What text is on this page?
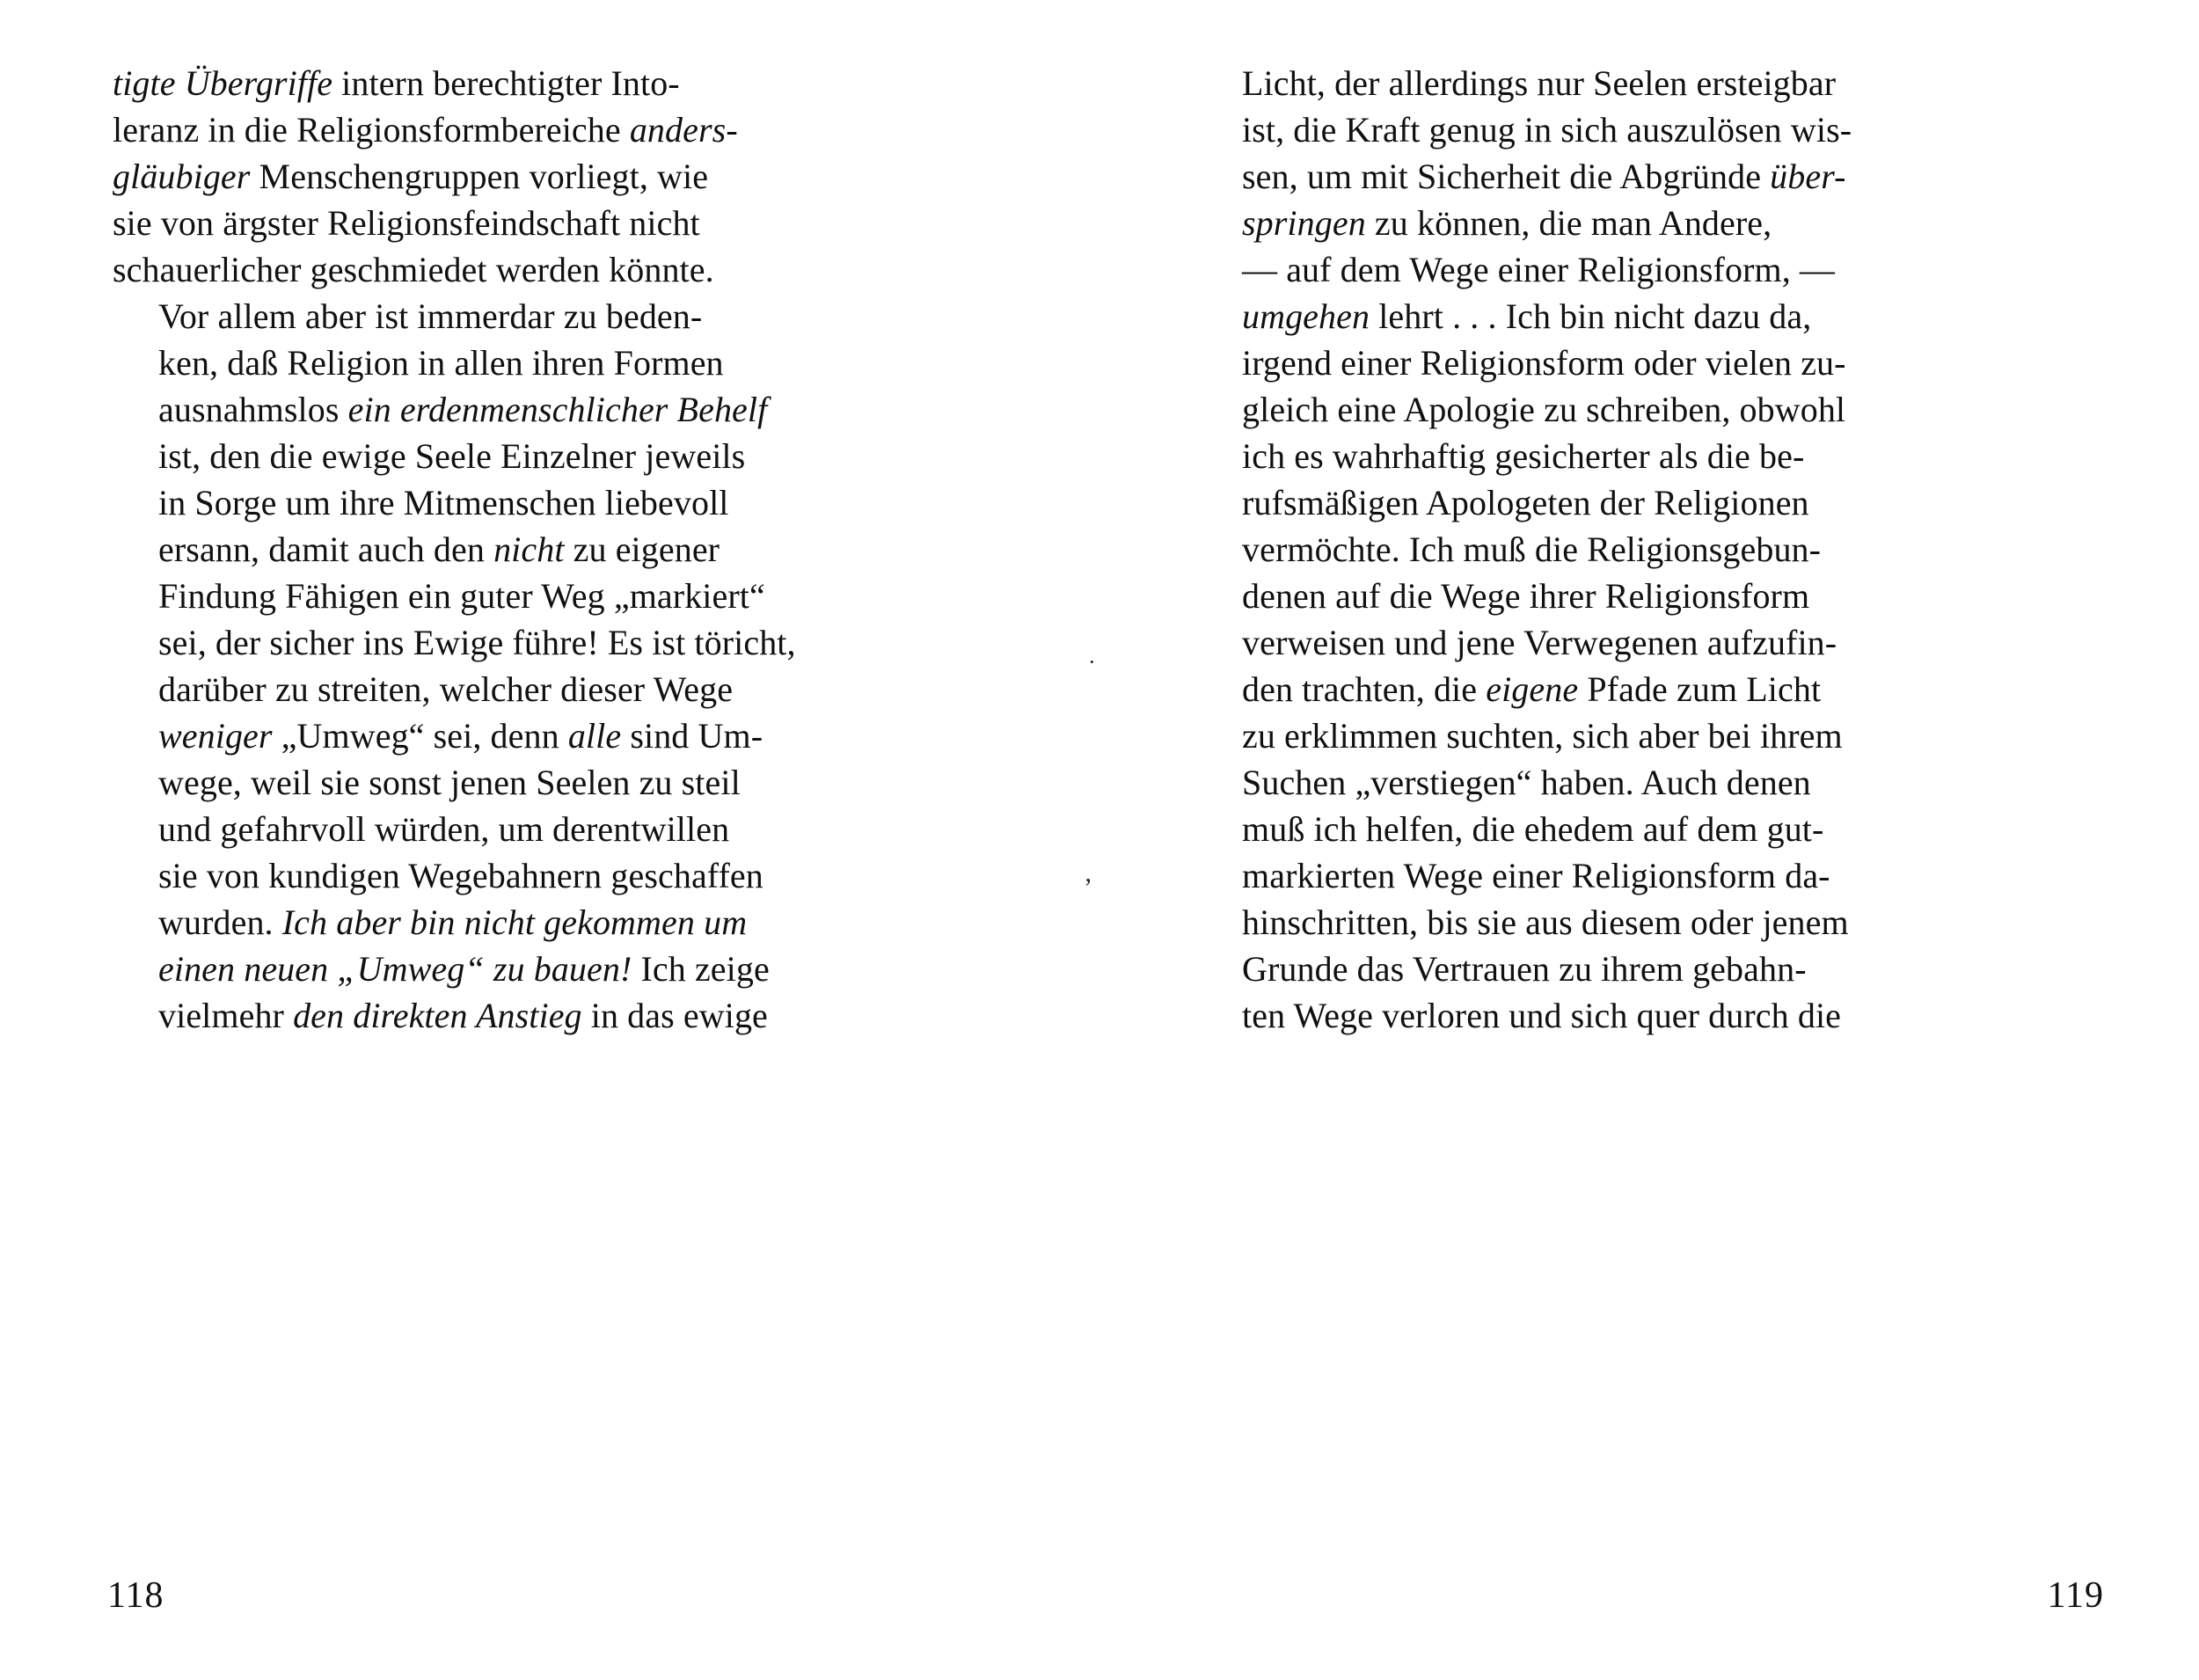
tigte Übergriffe intern berechtigter Into-
leranz in die Religionsformbereiche anders-
gläubiger Menschengruppen vorliegt, wie
sie von ärgster Religionsfeindschaft nicht
schauerlicher geschmiedet werden könnte.
Vor allem aber ist immerdar zu beden-
ken, daß Religion in allen ihren Formen
ausnahmslos ein erdenmenschlicher Behelf
ist, den die ewige Seele Einzelner jeweils
in Sorge um ihre Mitmenschen liebevoll
ersann, damit auch den nicht zu eigener
Findung Fähigen ein guter Weg „markiert“
sei, der sicher ins Ewige führe! Es ist töricht,
darüber zu streiten, welcher dieser Wege
weniger „Umweg“ sei, denn alle sind Um-
wege, weil sie sonst jenen Seelen zu steil
und gefahrvoll würden, um derentwillen
sie von kundigen Wegebahnern geschaffen
wurden. Ich aber bin nicht gekommen um
einen neuen „Umweg“ zu bauen! Ich zeige
vielmehr den direkten Anstieg in das ewige
118
Licht, der allerdings nur Seelen ersteigbar
ist, die Kraft genug in sich auszulösen wis-
sen, um mit Sicherheit die Abgründe über-
springen zu können, die man Andere,
— auf dem Wege einer Religionsform, —
umgehen lehrt . . . Ich bin nicht dazu da,
irgend einer Religionsform oder vielen zu-
gleich eine Apologie zu schreiben, obwohl
ich es wahrhaftig gesicherter als die be-
rufsmäßigen Apologeten der Religionen
vermöchte. Ich muß die Religionsgebun-
denen auf die Wege ihrer Religionsform
verweisen und jene Verwegenen aufzufin-
den trachten, die eigene Pfade zum Licht
zu erklimmen suchten, sich aber bei ihrem
Suchen „verstiegen“ haben. Auch denen
muß ich helfen, die ehedem auf dem gut-
markierten Wege einer Religionsform da-
hinschritten, bis sie aus diesem oder jenem
Grunde das Vertrauen zu ihrem gebahn-
ten Wege verloren und sich quer durch die
119
·
ʼ
